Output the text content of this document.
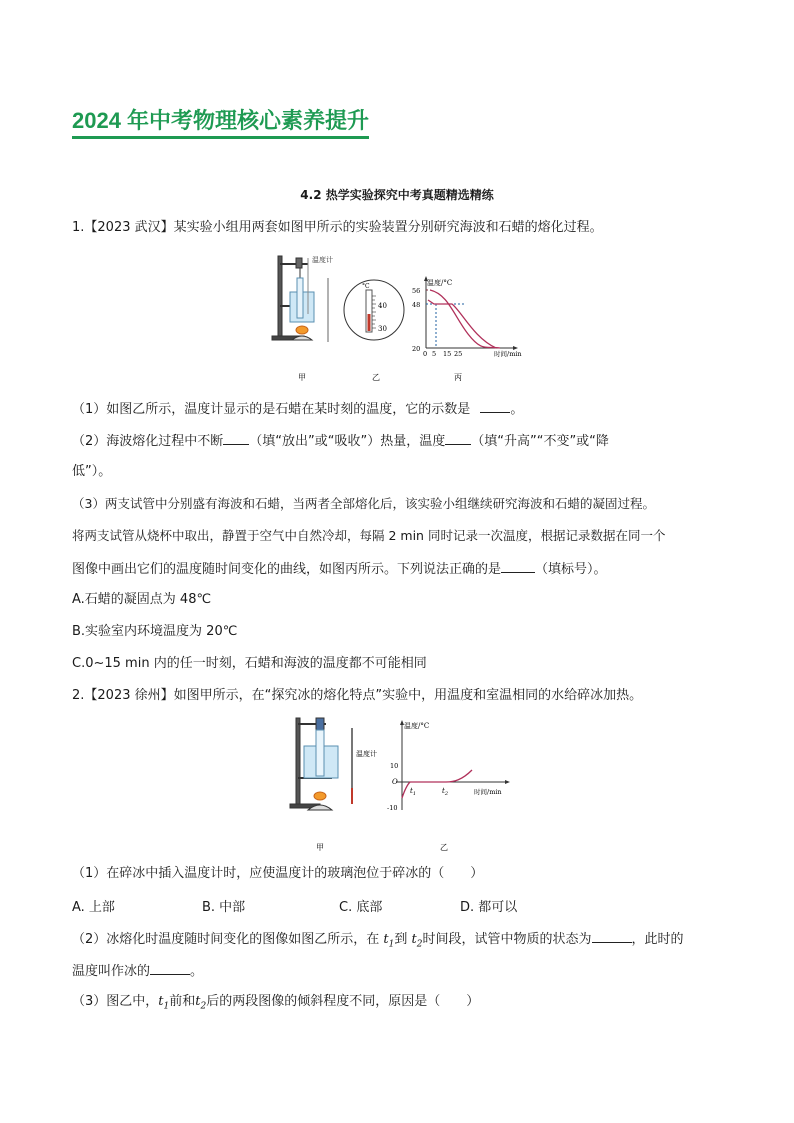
2024 年中考物理核心素养提升
4.2 热学实验探究中考真题精选精练
1.【2023 武汉】某实验小组用两套如图甲所示的实验装置分别研究海波和石蜡的熔化过程。
温度计
°C
40
30
温度/°C
时间/min
56
48
20
0 5 15 25
甲	乙	丙
（1）如图乙所示，温度计显示的是石蜡在某时刻的温度，它的示数是	。
（2）海波熔化过程中不断 （填“放出”或“吸收”）热量，温度 （填“升高”“不变”或“降
低”）。
（3）两支试管中分别盛有海波和石蜡，当两者全部熔化后，该实验小组继续研究海波和石蜡的凝固过程。
将两支试管从烧杯中取出，静置于空气中自然冷却，每隔 2 min 同时记录一次温度，根据记录数据在同一个
图像中画出它们的温度随时间变化的曲线，如图丙所示。下列说法正确的是	（填标号）。
A.石蜡的凝固点为 48℃
B.实验室内环境温度为 20℃
C.0~15 min 内的任一时刻，石蜡和海波的温度都不可能相同
2.【2023 徐州】如图甲所示，在“探究冰的熔化特点”实验中，用温度和室温相同的水给碎冰加热。
温度计
温度/°C
时间/min
10
O
-10
$t_1$	$t_2$
甲	乙
（1）在碎冰中插入温度计时，应使温度计的玻璃泡位于碎冰的（　　）
A. 上部	B. 中部	C. 底部	D. 都可以
（2）冰熔化时温度随时间变化的图像如图乙所示，在 $t_1$到 $t_2$时间段，试管中物质的状态为	，此时的
温度叫作冰的	。
（3）图乙中，$t_1$前和$t_2$后的两段图像的倾斜程度不同，原因是（　　）
